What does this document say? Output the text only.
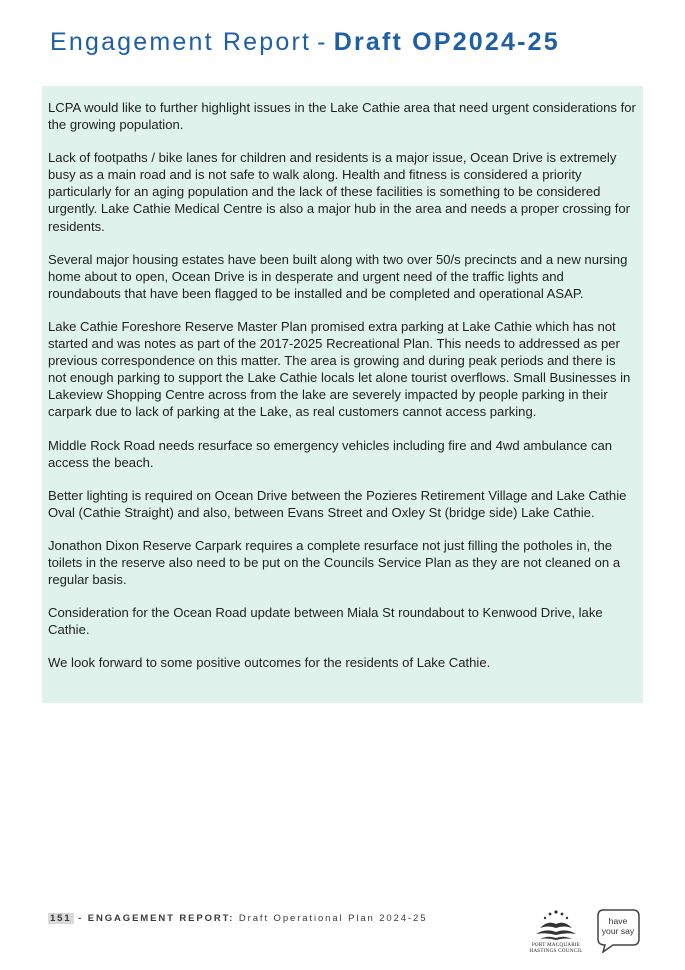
Engagement Report - Draft OP2024-25

LCPA would like to further highlight issues in the Lake Cathie area that need urgent considerations for the growing population.

Lack of footpaths / bike lanes for children and residents is a major issue, Ocean Drive is extremely busy as a main road and is not safe to walk along. Health and fitness is considered a priority particularly for an aging population and the lack of these facilities is something to be considered urgently. Lake Cathie Medical Centre is also a major hub in the area and needs a proper crossing for residents.

Several major housing estates have been built along with two over 50/s precincts and a new nursing home about to open, Ocean Drive is in desperate and urgent need of the traffic lights and roundabouts that have been flagged to be installed and be completed and operational ASAP.

Lake Cathie Foreshore Reserve Master Plan promised extra parking at Lake Cathie which has not started and was notes as part of the 2017-2025 Recreational Plan. This needs to addressed as per previous correspondence on this matter. The area is growing and during peak periods and there is not enough parking to support the Lake Cathie locals let alone tourist overflows. Small Businesses in Lakeview Shopping Centre across from the lake are severely impacted by people parking in their carpark due to lack of parking at the Lake, as real customers cannot access parking.

Middle Rock Road needs resurface so emergency vehicles including fire and 4wd ambulance can access the beach.

Better lighting is required on Ocean Drive between the Pozieres Retirement Village and Lake Cathie Oval (Cathie Straight) and also, between Evans Street and Oxley St (bridge side) Lake Cathie.

Jonathon Dixon Reserve Carpark requires a complete resurface not just filling the potholes in, the toilets in the reserve also need to be put on the Councils Service Plan as they are not cleaned on a regular basis.

Consideration for the Ocean Road update between Miala St roundabout to Kenwood Drive, lake Cathie.

We look forward to some positive outcomes for the residents of Lake Cathie.

151 - ENGAGEMENT REPORT: Draft Operational Plan 2024-25
PORT MACQUARIE
HASTINGS COUNCIL
have
your say
